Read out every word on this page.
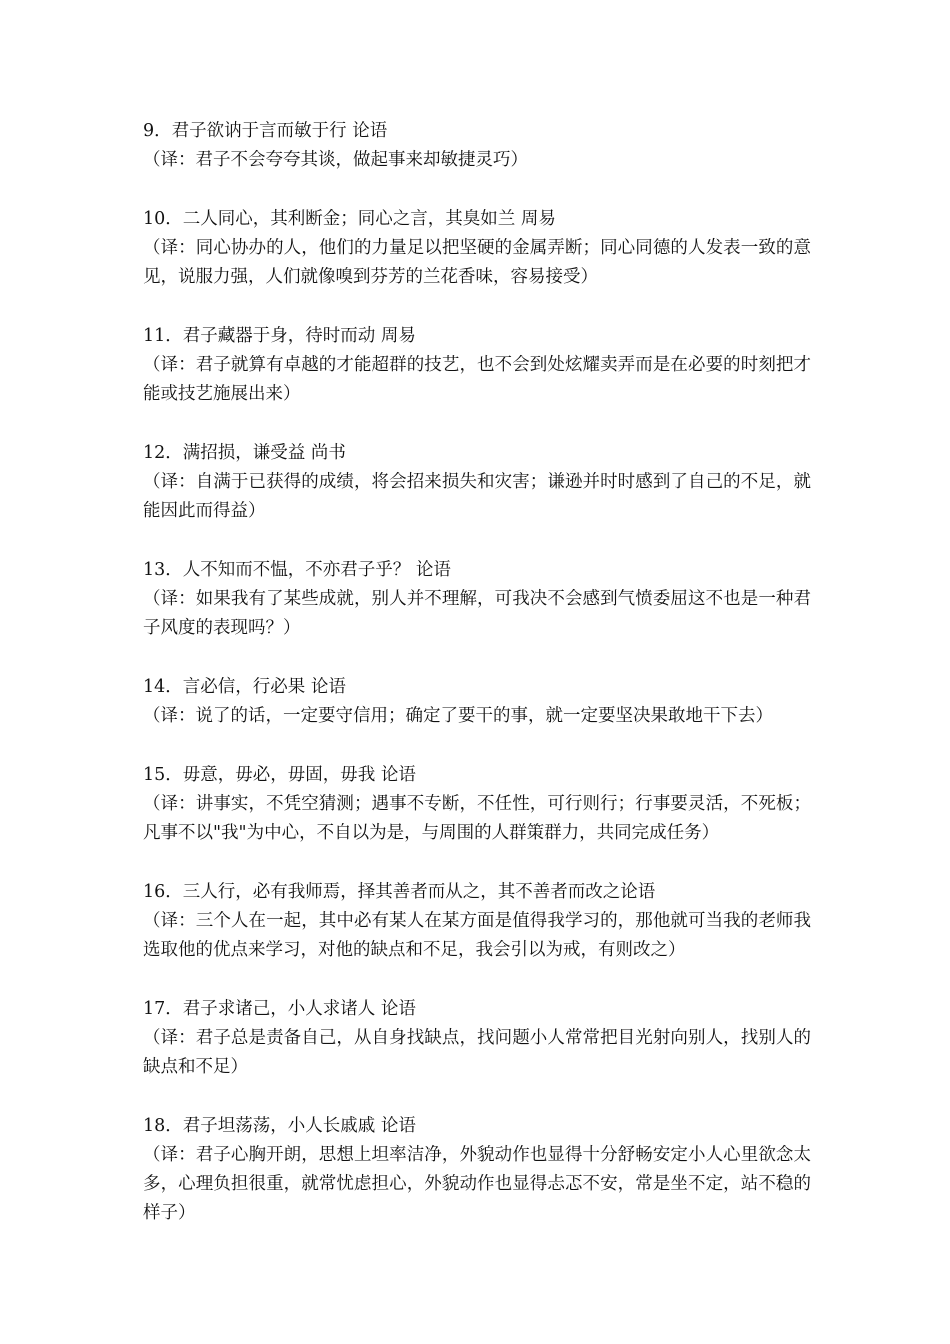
9．君子欲讷于言而敏于行 论语
（译：君子不会夸夸其谈，做起事来却敏捷灵巧）
10．二人同心，其利断金；同心之言，其臭如兰 周易
（译：同心协办的人，他们的力量足以把坚硬的金属弄断；同心同德的人发表一致的意见，说服力强，人们就像嗅到芬芳的兰花香味，容易接受）
11．君子藏器于身，待时而动 周易
（译：君子就算有卓越的才能超群的技艺，也不会到处炫耀卖弄而是在必要的时刻把才能或技艺施展出来）
12．满招损，谦受益 尚书
（译：自满于已获得的成绩，将会招来损失和灾害；谦逊并时时感到了自己的不足，就能因此而得益）
13．人不知而不愠，不亦君子乎？ 论语
（译：如果我有了某些成就，别人并不理解，可我决不会感到气愤委屈这不也是一种君子风度的表现吗？）
14．言必信，行必果 论语
（译：说了的话，一定要守信用；确定了要干的事，就一定要坚决果敢地干下去）
15．毋意，毋必，毋固，毋我 论语
（译：讲事实，不凭空猜测；遇事不专断，不任性，可行则行；行事要灵活，不死板；凡事不以"我"为中心，不自以为是，与周围的人群策群力，共同完成任务）
16．三人行，必有我师焉，择其善者而从之，其不善者而改之论语
（译：三个人在一起，其中必有某人在某方面是值得我学习的，那他就可当我的老师我选取他的优点来学习，对他的缺点和不足，我会引以为戒，有则改之）
17．君子求诸己，小人求诸人 论语
（译：君子总是责备自己，从自身找缺点，找问题小人常常把目光射向别人，找别人的缺点和不足）
18．君子坦荡荡，小人长戚戚 论语
（译：君子心胸开朗，思想上坦率洁净，外貌动作也显得十分舒畅安定小人心里欲念太多，心理负担很重，就常忧虑担心，外貌动作也显得忐忑不安，常是坐不定，站不稳的样子）
